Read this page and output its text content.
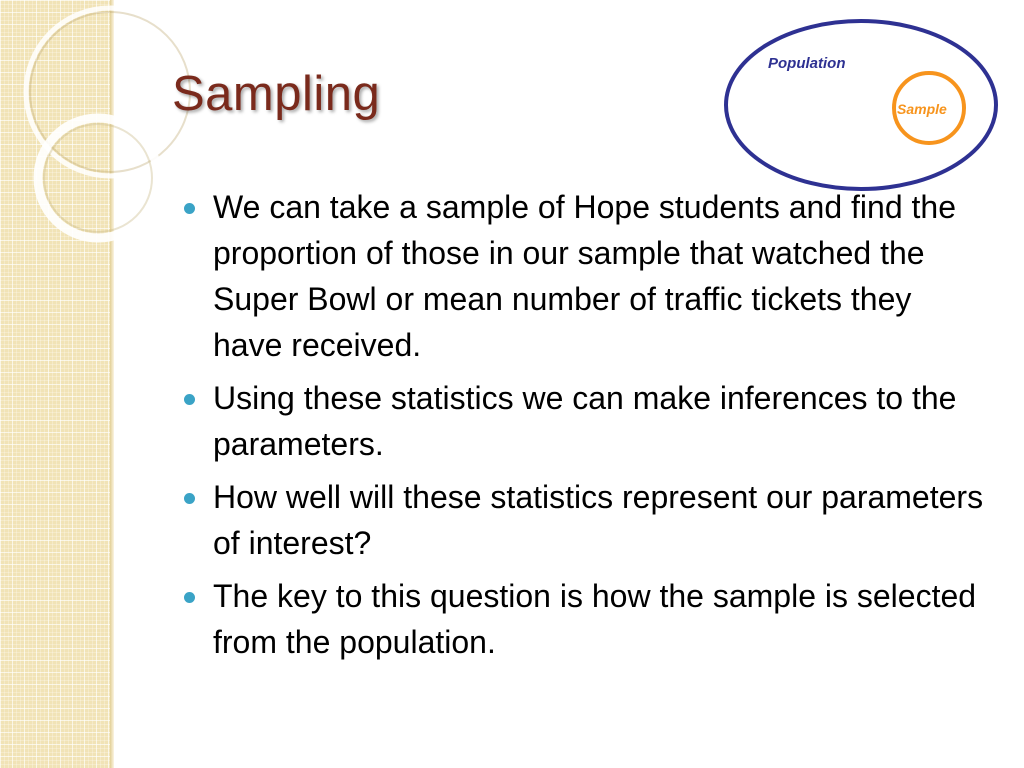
Sampling
Population
Sample
We can take a sample of Hope students and find the proportion of those in our sample that watched the Super Bowl or mean number of traffic tickets they have received.
Using these statistics we can make inferences to the parameters.
How well will these statistics represent our parameters of interest?
The key to this question is how the sample is selected from the population.
